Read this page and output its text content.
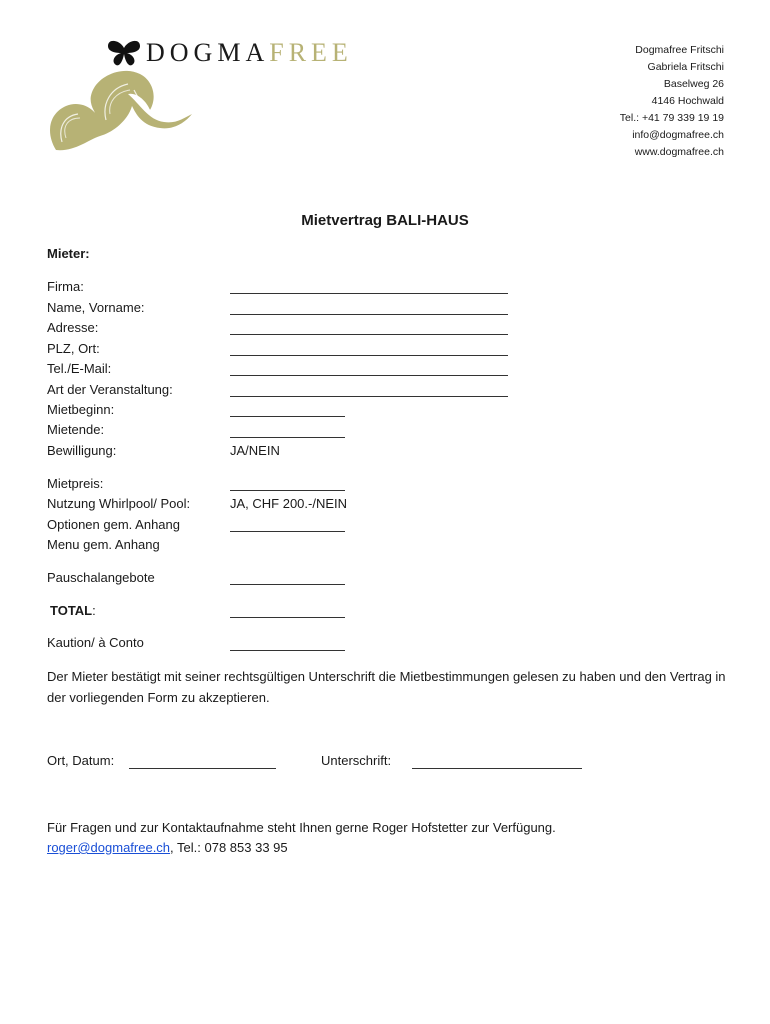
DOGMAFREE	Dogmafree Fritschi
Gabriela Fritschi
Baselweg 26
4146 Hochwald
Tel.: +41 79 339 19 19
info@dogmafree.ch
www.dogmafree.ch
Mietvertrag BALI-HAUS
Mieter:
Firma:
Name, Vorname:
Adresse:
PLZ, Ort:
Tel./E-Mail:
Art der Veranstaltung:
Mietbeginn:
Mietende:
Bewilligung:	JA/NEIN
Mietpreis:
Nutzung Whirlpool/ Pool:	JA, CHF 200.-/NEIN
Optionen gem. Anhang
Menu gem. Anhang
Pauschalangebote
TOTAL:
Kaution/ à Conto
Der Mieter bestätigt mit seiner rechtsgültigen Unterschrift die Mietbestimmungen gelesen zu haben und den Vertrag in der vorliegenden Form zu akzeptieren.
Ort, Datum:	Unterschrift:
Für Fragen und zur Kontaktaufnahme steht Ihnen gerne Roger Hofstetter zur Verfügung.
roger@dogmafree.ch, Tel.: 078 853 33 95
